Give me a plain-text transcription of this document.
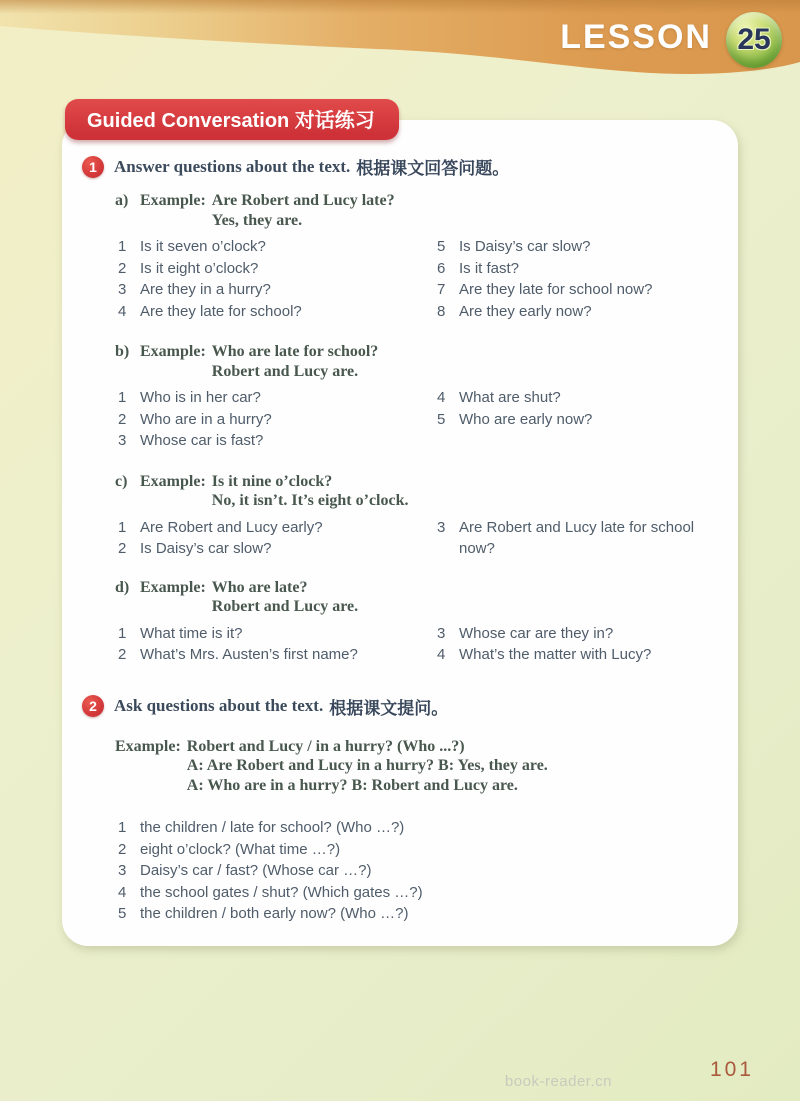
LESSON 25
Guided Conversation 对话练习
1	Answer questions about the text. 根据课文回答问题。
a) Example: Are Robert and Lucy late?
Yes, they are.
1 Is it seven o’clock?
2 Is it eight o’clock?
3 Are they in a hurry?
4 Are they late for school?
5 Is Daisy’s car slow?
6 Is it fast?
7 Are they late for school now?
8 Are they early now?
b) Example: Who are late for school?
Robert and Lucy are.
1 Who is in her car?
2 Who are in a hurry?
3 Whose car is fast?
4 What are shut?
5 Who are early now?
c) Example: Is it nine o’clock?
No, it isn’t. It’s eight o’clock.
1 Are Robert and Lucy early?
2 Is Daisy’s car slow?
3 Are Robert and Lucy late for school now?
d) Example: Who are late?
Robert and Lucy are.
1 What time is it?
2 What’s Mrs. Austen’s first name?
3 Whose car are they in?
4 What’s the matter with Lucy?
2	Ask questions about the text. 根据课文提问。
Example: Robert and Lucy / in a hurry? (Who ...?)
A: Are Robert and Lucy in a hurry? B: Yes, they are.
A: Who are in a hurry? B: Robert and Lucy are.
1 the children / late for school? (Who …?)
2 eight o’clock? (What time …?)
3 Daisy’s car / fast? (Whose car …?)
4 the school gates / shut? (Which gates …?)
5 the children / both early now? (Who …?)
book-reader.cn
101
